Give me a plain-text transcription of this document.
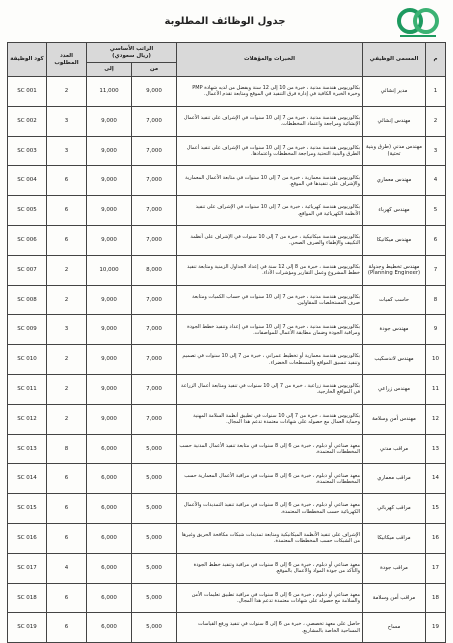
جدول الوظائف المطلوبة
م	المسمى الوظيفي	الخبرات والمؤهلات	الراتب الأساسي
(ريال سعودي)		العدد المطلوب	كود الوظيفة
			من	إلى		
1	مدير إنشائي	بكالوريوس هندسة مدنية ، خبرة من 10 إلى 12 سنة ويفضل من لديه شهادة PMP وخبرة الخبرة الكافية في إدارة فرق التنفيذ في الموقع ومتابعة تقدم الأعمال.	9,000	11,000	2	SC 001
2	مهندس إنشائي	بكالوريوس هندسة مدنية ، خبرة من 7 إلى 10 سنوات في الإشراف على تنفيذ الأعمال الإنشائية ومراجعة واعتماد المخططات.	7,000	9,000	3	SC 002
3	مهندس مدني (طرق وبنية تحتية)	بكالوريوس هندسة مدنية ، خبرة من 7 إلى 10 سنوات في الإشراف على تنفيذ أعمال الطرق والبنية التحتية ومراجعة المخططات واعتمادها.	7,000	9,000	3	SC 003
4	مهندس معماري	بكالوريوس هندسة معمارية ، خبرة من 7 إلى 10 سنوات في متابعة الأعمال المعمارية والإشراف على تنفيذها في الموقع.	7,000	9,000	6	SC 004
5	مهندس كهرباء	بكالوريوس هندسة كهربائية ، خبرة من 7 إلى 10 سنوات في الإشراف على تنفيذ الأنظمة الكهربائية في المواقع.	7,000	9,000	6	SC 005
6	مهندس ميكانيكا	بكالوريوس هندسة ميكانيكية ، خبرة من 7 إلى 10 سنوات في الإشراف على أنظمة التكييف والإطفاء والصرف الصحي.	7,000	9,000	6	SC 006
7	مهندس تخطيط وجدولة (Planning Engineer)	بكالوريوس هندسة ، خبرة من 8 إلى 12 سنة في إعداد الجداول الزمنية ومتابعة تنفيذ خطط المشروع وعمل التقارير ومؤشرات الأداء.	8,000	10,000	2	SC 007
8	حاسب كميات	بكالوريوس هندسة مدنية ، خبرة من 7 إلى 10 سنوات في حساب الكميات ومتابعة صرف المستخلصات للمقاولين.	7,000	9,000	2	SC 008
9	مهندس جودة	بكالوريوس هندسة مدنية ، خبرة من 7 إلى 10 سنوات في إعداد وتنفيذ خطط الجودة ومراقبة الجودة وضمان مطابقة الأعمال للمواصفات.	7,000	9,000	3	SC 009
10	مهندس لاندسكيب	بكالوريوس هندسة معمارية أو تخطيط عمراني ، خبرة من 7 إلى 10 سنوات في تصميم وتنفيذ تنسيق المواقع والمسطحات الخضراء.	7,000	9,000	2	SC 010
11	مهندس زراعي	بكالوريوس هندسة زراعية ، خبرة من 7 إلى 10 سنوات في تنفيذ ومتابعة أعمال الزراعة في المواقع الخارجية.	7,000	9,000	2	SC 011
12	مهندس أمن وسلامة	بكالوريوس هندسة ، خبرة من 7 إلى 10 سنوات في تطبيق أنظمة السلامة المهنية وحماية العمال مع حصوله على شهادات معتمدة تدعم هذا المجال.	7,000	9,000	2	SC 012
13	مراقب مدني	معهد صناعي أو دبلوم ، خبرة من 6 إلى 8 سنوات في متابعة تنفيذ الأعمال المدنية حسب المخططات المعتمدة.	5,000	6,000	8	SC 013
14	مراقب معماري	معهد صناعي أو دبلوم ، خبرة من 6 إلى 8 سنوات في مراقبة الأعمال المعمارية حسب المخططات المعتمدة.	5,000	6,000	6	SC 014
15	مراقب كهربائي	معهد صناعي أو دبلوم ، خبرة من 6 إلى 8 سنوات في مراقبة تنفيذ التمديدات والأعمال الكهربائية حسب المخططات المعتمدة.	5,000	6,000	6	SC 015
16	مراقب ميكانيكا	الإشراف على تنفيذ الأنظمة الميكانيكية ومتابعة تمديدات شبكات مكافحة الحريق وغيرها من الشبكات حسب المخططات المعتمدة.	5,000	6,000	6	SC 016
17	مراقب جودة	معهد صناعي أو دبلوم ، خبرة من 6 إلى 8 سنوات في مراقبة وتنفيذ خطط الجودة والتأكد من جودة المواد والأعمال بالموقع.	5,000	6,000	4	SC 017
18	مراقب أمن وسلامة	معهد صناعي أو دبلوم ، خبرة من 6 إلى 8 سنوات في مراقبة تطبيق تعليمات الأمن والسلامة مع حصوله على شهادات معتمدة تدعم هذا المجال.	5,000	6,000	6	SC 018
19	مساح	حاصل على معهد تخصصي ، خبرة من 6 إلى 8 سنوات في تنفيذ ورفع القياسات المساحية الخاصة بالمشاريع.	5,000	6,000	6	SC 019
